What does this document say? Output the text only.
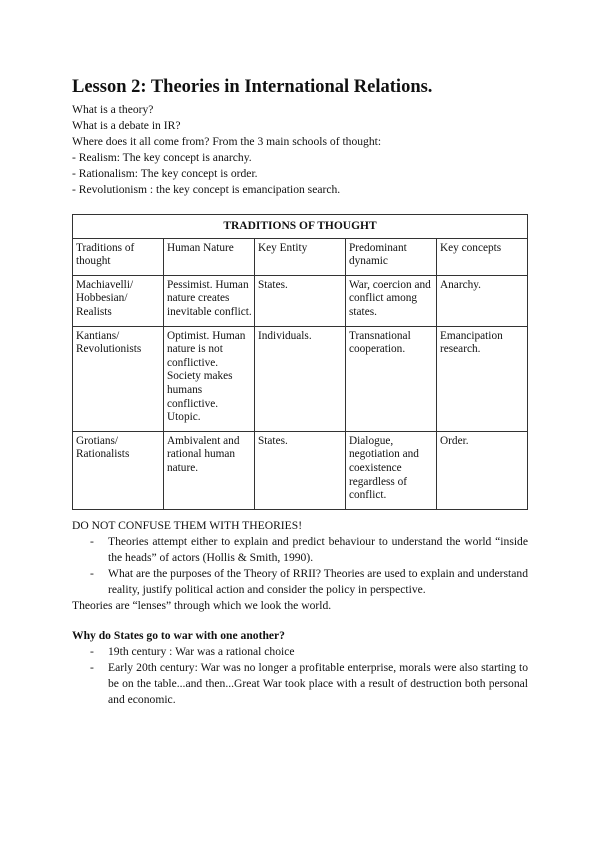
Lesson 2: Theories in International Relations.
What is a theory?
What is a debate in IR?
Where does it all come from? From the 3 main schools of thought:
- Realism: The key concept is anarchy.
- Rationalism: The key concept is order.
- Revolutionism : the key concept is emancipation search.
TRADITIONS OF THOUGHT				
Traditions of thought	Human Nature	Key Entity	Predominant dynamic	Key concepts
Machiavelli/ Hobbesian/ Realists	Pessimist. Human nature creates inevitable conflict.	States.	War, coercion and conflict among states.	Anarchy.
Kantians/ Revolutionists	Optimist. Human nature is not conflictive. Society makes humans conflictive. Utopic.	Individuals.	Transnational cooperation.	Emancipation research.
Grotians/ Rationalists	Ambivalent and rational human nature.	States.	Dialogue, negotiation and coexistence regardless of conflict.	Order.
DO NOT CONFUSE THEM WITH THEORIES!
- Theories attempt either to explain and predict behaviour to understand the world “inside the heads” of actors (Hollis & Smith, 1990).
- What are the purposes of the Theory of RRII? Theories are used to explain and understand reality, justify political action and consider the policy in perspective.
Theories are “lenses” through which we look the world.
Why do States go to war with one another?
- 19th century : War was a rational choice
- Early 20th century: War was no longer a profitable enterprise, morals were also starting to be on the table...and then...Great War took place with a result of destruction both personal and economic.
